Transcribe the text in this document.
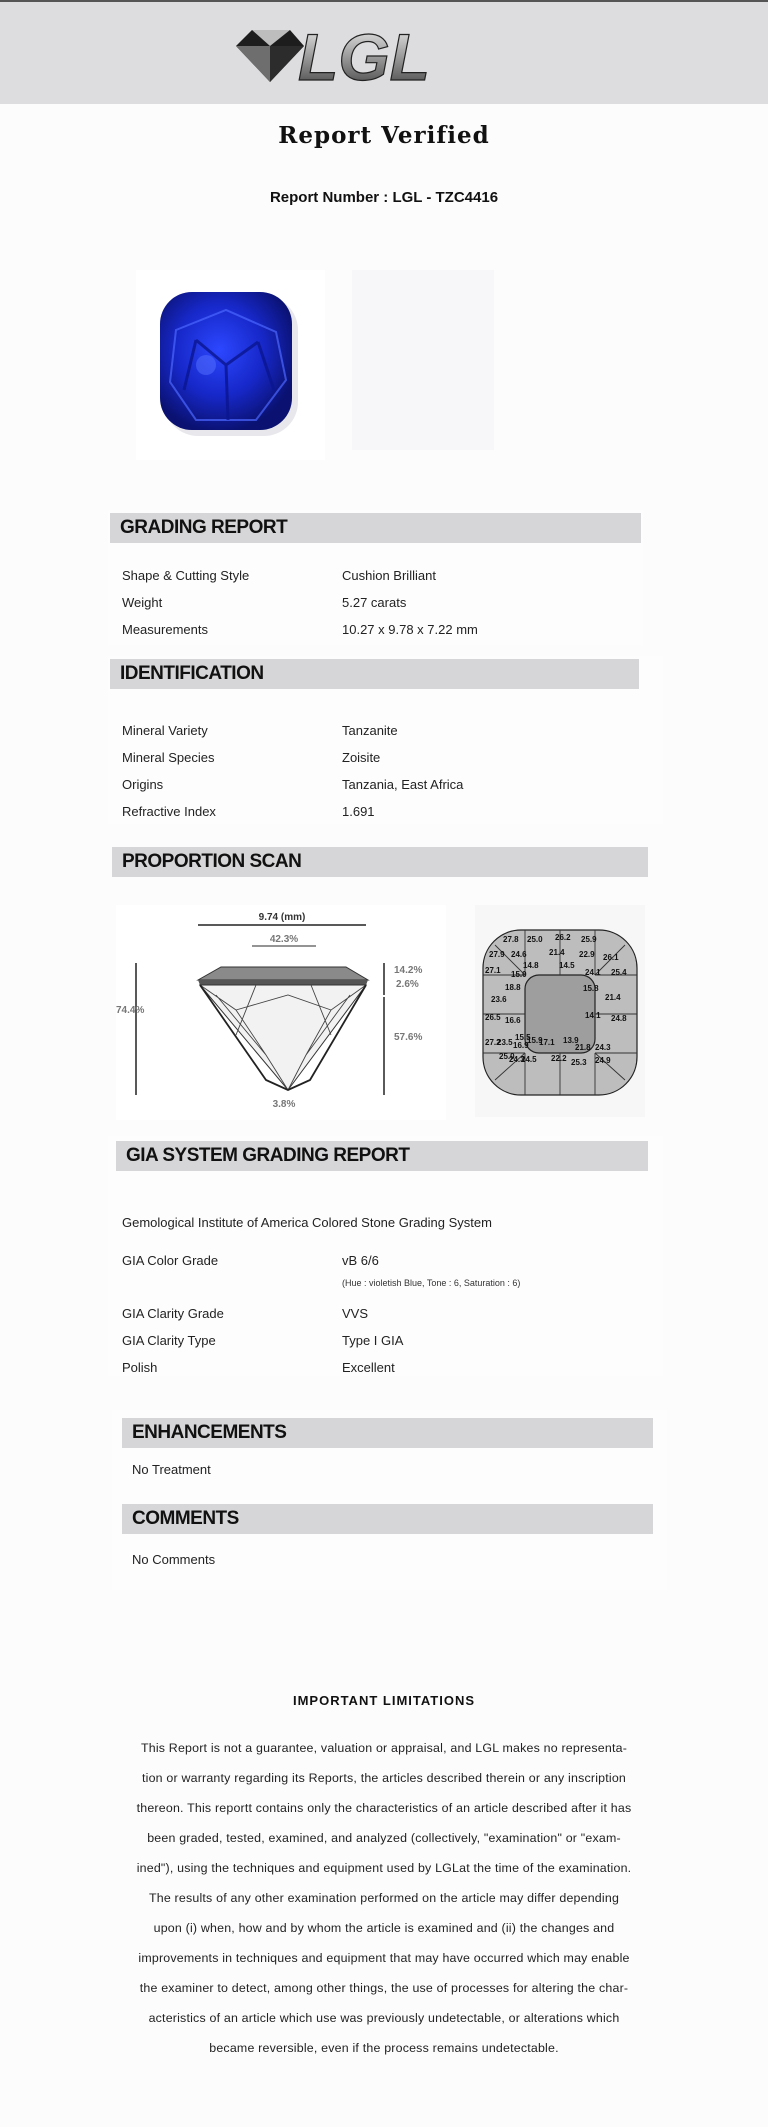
LGL
Report Verified
Report Number : LGL - TZC4416
GRADING REPORT
Shape & Cutting Style	Cushion Brilliant
Weight	5.27 carats
Measurements	10.27 x 9.78 x 7.22 mm
IDENTIFICATION
Mineral Variety	Tanzanite
Mineral Species	Zoisite
Origins	Tanzania, East Africa
Refractive Index	1.691
PROPORTION SCAN
9.74 (mm)
42.3%
74.4%
14.2%
2.6%
57.6%
3.8%
27.8 25.0 26.2 25.9
27.9 24.6	21.4 22.9 26.1
27.1
14.8	14.5
25.4
15.0	24.1
18.8	15.8
23.6	21.4
26.5	14.1 24.8
16.6
15.5
15.9
17.1 13.9
27.2
23.5 16.9	21.8 24.3
25.0
24.3
24.5 22.2 25.3 24.9
GIA SYSTEM GRADING REPORT
Gemological Institute of America Colored Stone Grading System
GIA Color Grade	vB 6/6
(Hue : violetish Blue, Tone : 6, Saturation : 6)
GIA Clarity Grade	VVS
GIA Clarity Type	Type I GIA
Polish	Excellent
ENHANCEMENTS
No Treatment
COMMENTS
No Comments
IMPORTANT LIMITATIONS
This Report is not a guarantee, valuation or appraisal, and LGL makes no representa-
tion or warranty regarding its Reports, the articles described therein or any inscription
thereon. This reportt contains only the characteristics of an article described after it has
been graded, tested, examined, and analyzed (collectively, "examination" or "exam-
ined"), using the techniques and equipment used by LGLat the time of the examination.
The results of any other examination performed on the article may differ depending
upon (i) when, how and by whom the article is examined and (ii) the changes and
improvements in techniques and equipment that may have occurred which may enable
the examiner to detect, among other things, the use of processes for altering the char-
acteristics of an article which use was previously undetectable, or alterations which
became reversible, even if the process remains undetectable.
